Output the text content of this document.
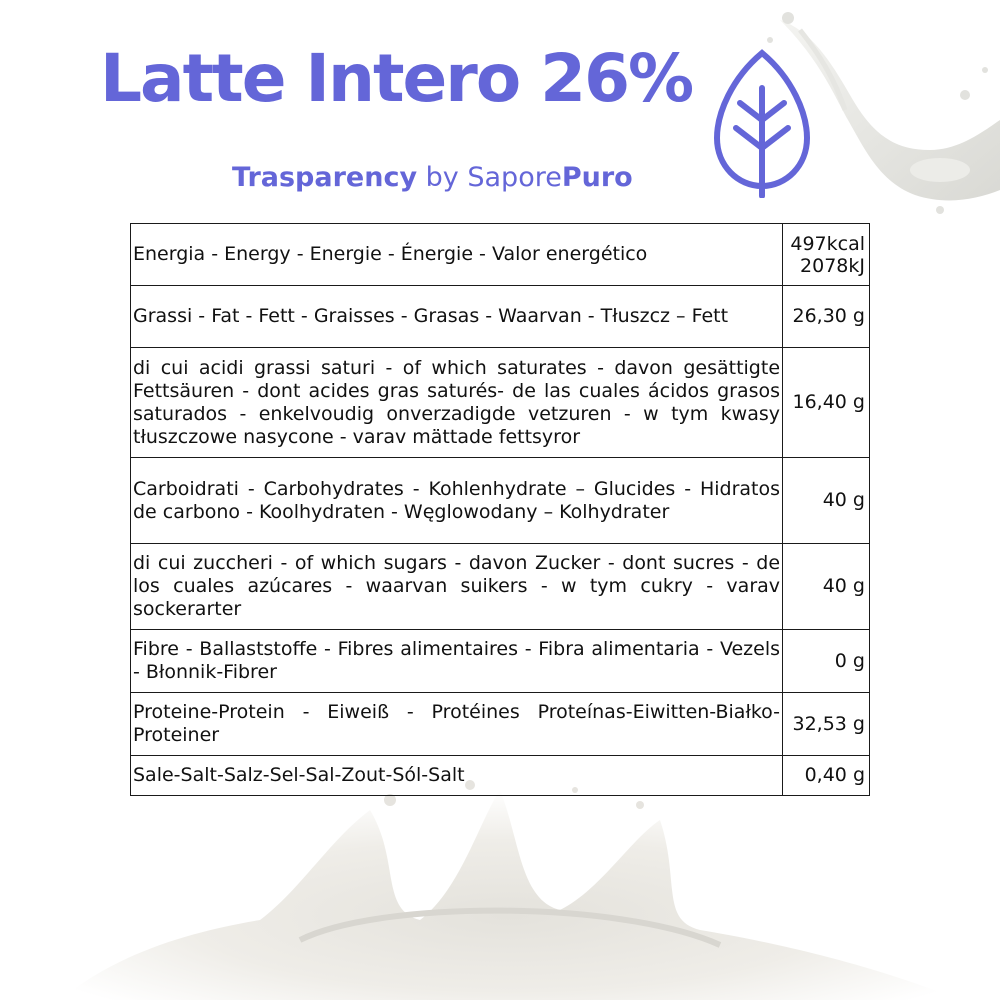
Latte Intero 26%
Trasparency by SaporePuro
Energia - Energy - Energie - Énergie - Valor energético	497kcal 2078kJ
Grassi - Fat - Fett - Graisses - Grasas - Waarvan - Tłuszcz – Fett	26,30 g
di cui acidi grassi saturi - of which saturates - davon gesättigte Fettsäuren - dont acides gras saturés- de las cuales ácidos grasos saturados - enkelvoudig onverzadigde vetzuren - w tym kwasy tłuszczowe nasycone - varav mättade fettsyror	16,40 g
Carboidrati - Carbohydrates - Kohlenhydrate – Glucides - Hidratos de carbono - Koolhydraten - Węglowodany – Kolhydrater	40 g
di cui zuccheri - of which sugars - davon Zucker - dont sucres - de los cuales azúcares - waarvan suikers - w tym cukry - varav sockerarter	40 g
Fibre - Ballaststoffe - Fibres alimentaires - Fibra alimentaria - Vezels - Błonnik-Fibrer	0 g
Proteine-Protein - Eiweiß - Protéines Proteínas-Eiwitten-Białko-Proteiner	32,53 g
Sale-Salt-Salz-Sel-Sal-Zout-Sól-Salt	0,40 g
